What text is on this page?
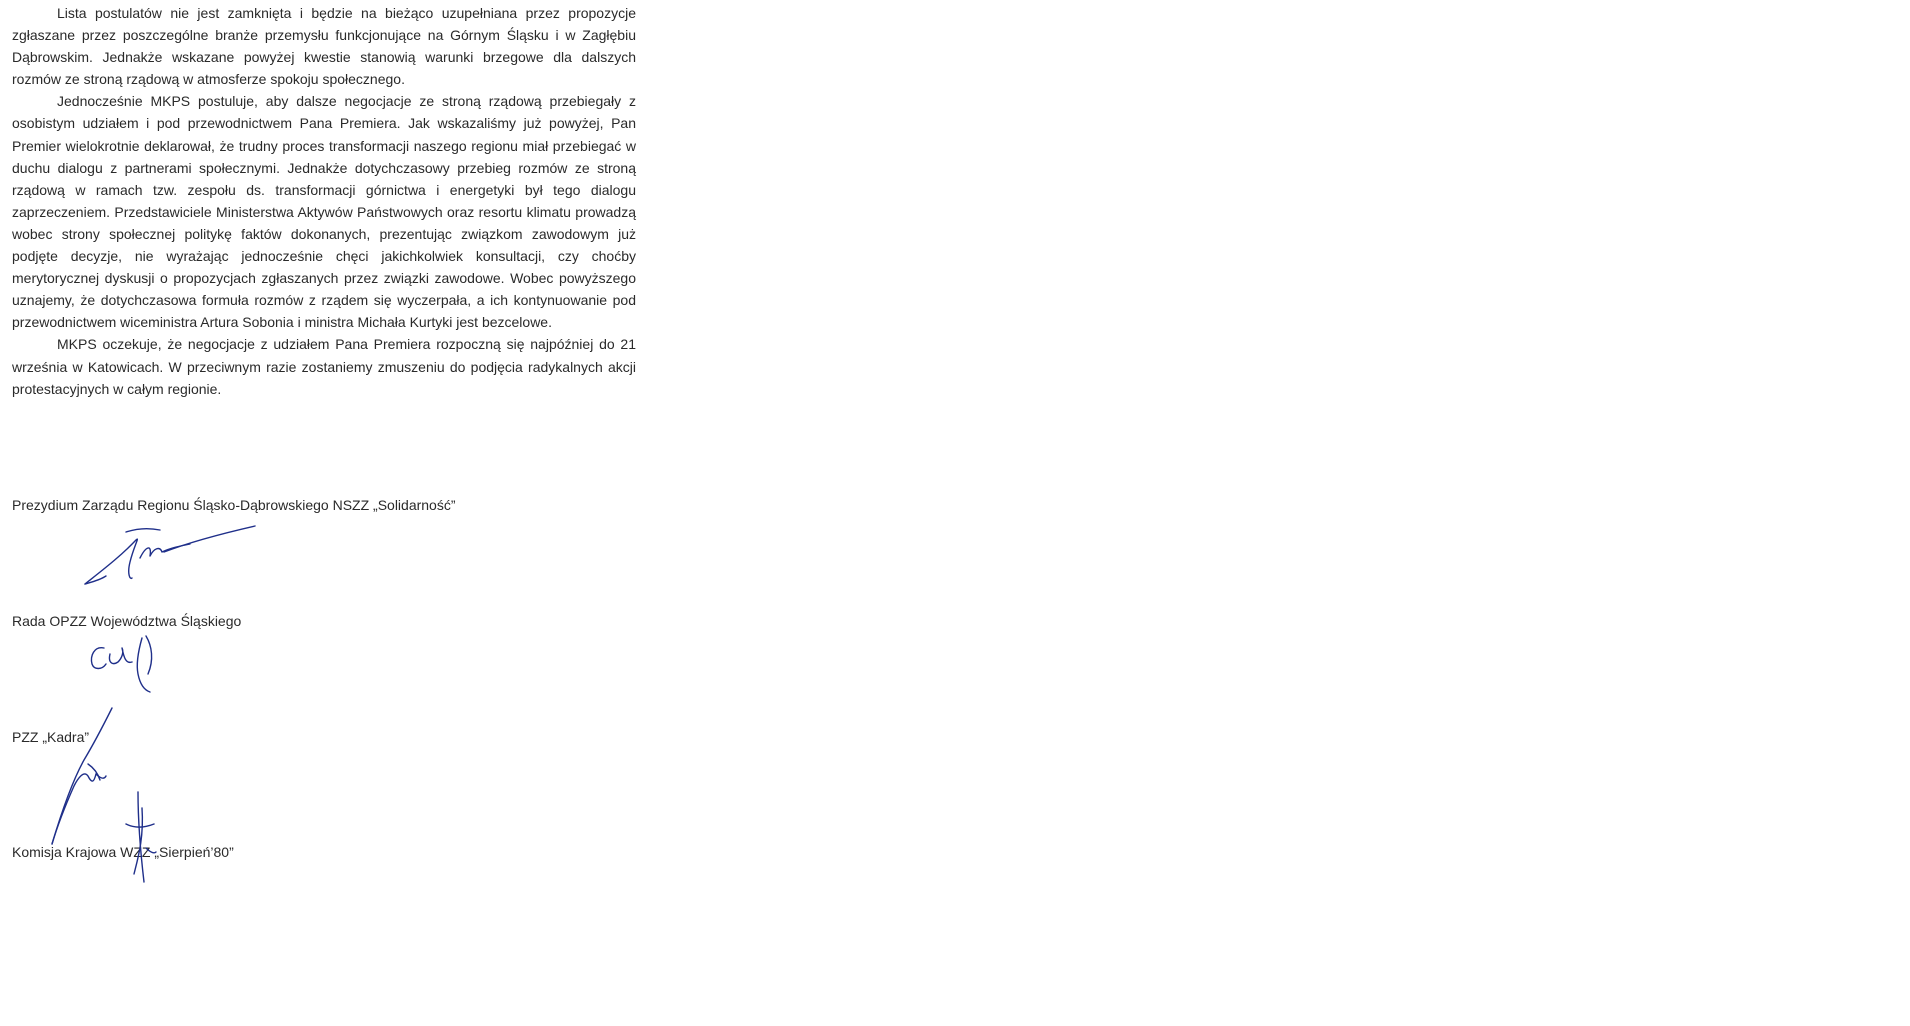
Lista postulatów nie jest zamknięta i będzie na bieżąco uzupełniana przez propozycje zgłaszane przez poszczególne branże przemysłu funkcjonujące na Górnym Śląsku i w Zagłębiu Dąbrowskim. Jednakże wskazane powyżej kwestie stanowią warunki brzegowe dla dalszych rozmów ze stroną rządową w atmosferze spokoju społecznego.

Jednocześnie MKPS postuluje, aby dalsze negocjacje ze stroną rządową przebiegały z osobistym udziałem i pod przewodnictwem Pana Premiera. Jak wskazaliśmy już powyżej, Pan Premier wielokrotnie deklarował, że trudny proces transformacji naszego regionu miał przebiegać w duchu dialogu z partnerami społecznymi. Jednakże dotychczasowy przebieg rozmów ze stroną rządową w ramach tzw. zespołu ds. transformacji górnictwa i energetyki był tego dialogu zaprzeczeniem. Przedstawiciele Ministerstwa Aktywów Państwowych oraz resortu klimatu prowadzą wobec strony społecznej politykę faktów dokonanych, prezentując związkom zawodowym już podjęte decyzje, nie wyrażając jednocześnie chęci jakichkolwiek konsultacji, czy choćby merytorycznej dyskusji o propozycjach zgłaszanych przez związki zawodowe. Wobec powyższego uznajemy, że dotychczasowa formuła rozmów z rządem się wyczerpała, a ich kontynuowanie pod przewodnictwem wiceministra Artura Sobonia i ministra Michała Kurtyki jest bezcelowe.

MKPS oczekuje, że negocjacje z udziałem Pana Premiera rozpoczną się najpóźniej do 21 września w Katowicach. W przeciwnym razie zostaniemy zmuszeniu do podjęcia radykalnych akcji protestacyjnych w całym regionie.

Prezydium Zarządu Regionu Śląsko-Dąbrowskiego NSZZ „Solidarność”
Rada OPZZ Województwa Śląskiego
PZZ „Kadra”
Komisja Krajowa WZZ „Sierpień’80”
